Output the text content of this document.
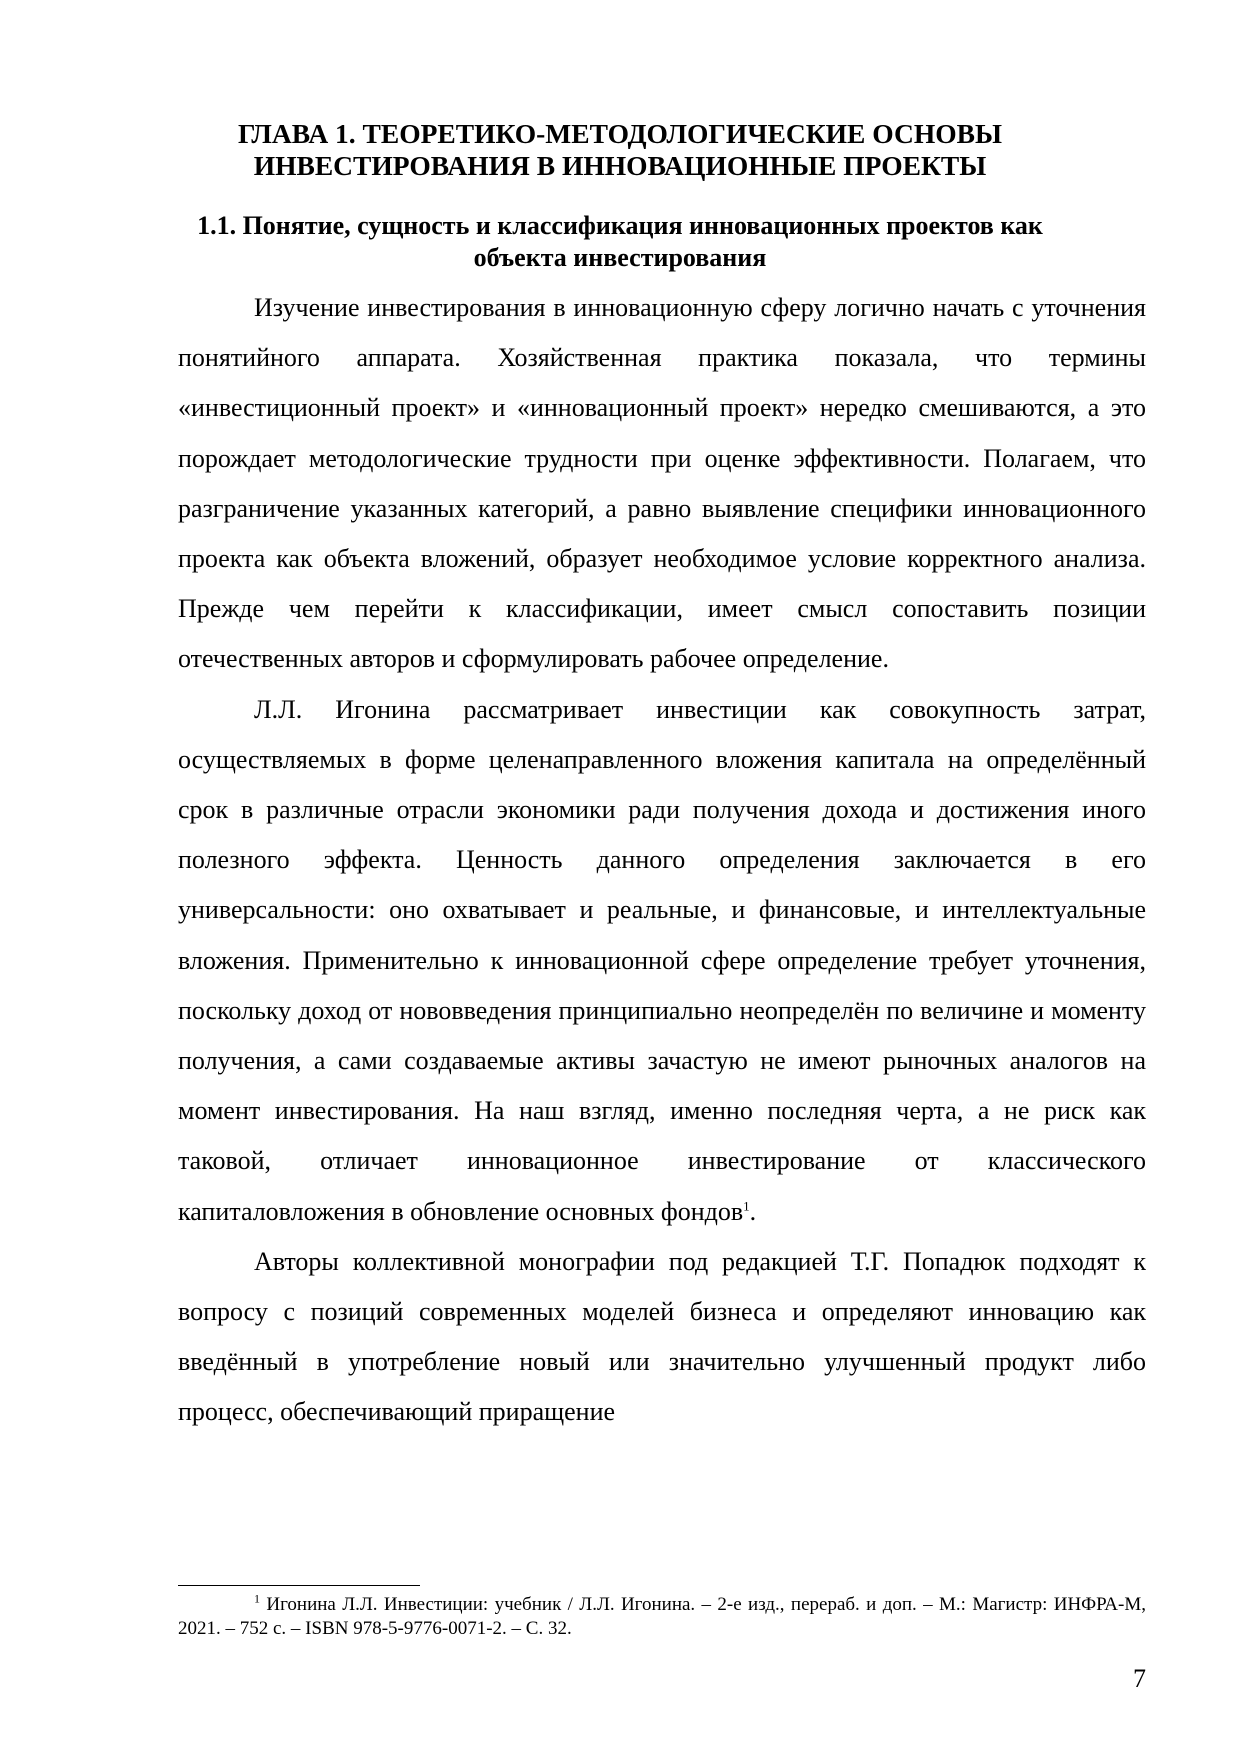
ГЛАВА 1. ТЕОРЕТИКО-МЕТОДОЛОГИЧЕСКИЕ ОСНОВЫ
ИНВЕСТИРОВАНИЯ В ИННОВАЦИОННЫЕ ПРОЕКТЫ
1.1. Понятие, сущность и классификация инновационных проектов как
объекта инвестирования

Изучение инвестирования в инновационную сферу логично начать с уточнения понятийного аппарата. Хозяйственная практика показала, что термины «инвестиционный проект» и «инновационный проект» нередко смешиваются, а это порождает методологические трудности при оценке эффективности. Полагаем, что разграничение указанных категорий, а равно выявление специфики инновационного проекта как объекта вложений, образует необходимое условие корректного анализа. Прежде чем перейти к классификации, имеет смысл сопоставить позиции отечественных авторов и сформулировать рабочее определение.

Л.Л. Игонина рассматривает инвестиции как совокупность затрат, осуществляемых в форме целенаправленного вложения капитала на определённый срок в различные отрасли экономики ради получения дохода и достижения иного полезного эффекта. Ценность данного определения заключается в его универсальности: оно охватывает и реальные, и финансовые, и интеллектуальные вложения. Применительно к инновационной сфере определение требует уточнения, поскольку доход от нововведения принципиально неопределён по величине и моменту получения, а сами создаваемые активы зачастую не имеют рыночных аналогов на момент инвестирования. На наш взгляд, именно последняя черта, а не риск как таковой, отличает инновационное инвестирование от классического капиталовложения в обновление основных фондов$^1$.

Авторы коллективной монографии под редакцией Т.Г. Попадюк подходят к вопросу с позиций современных моделей бизнеса и определяют инновацию как введённый в употребление новый или значительно улучшенный продукт либо процесс, обеспечивающий приращение

$^1$ Игонина Л.Л. Инвестиции: учебник / Л.Л. Игонина. – 2-е изд., перераб. и доп. – М.: Магистр: ИНФРА-М, 2021. – 752 с. – ISBN 978-5-9776-0071-2. – С. 32.

7
